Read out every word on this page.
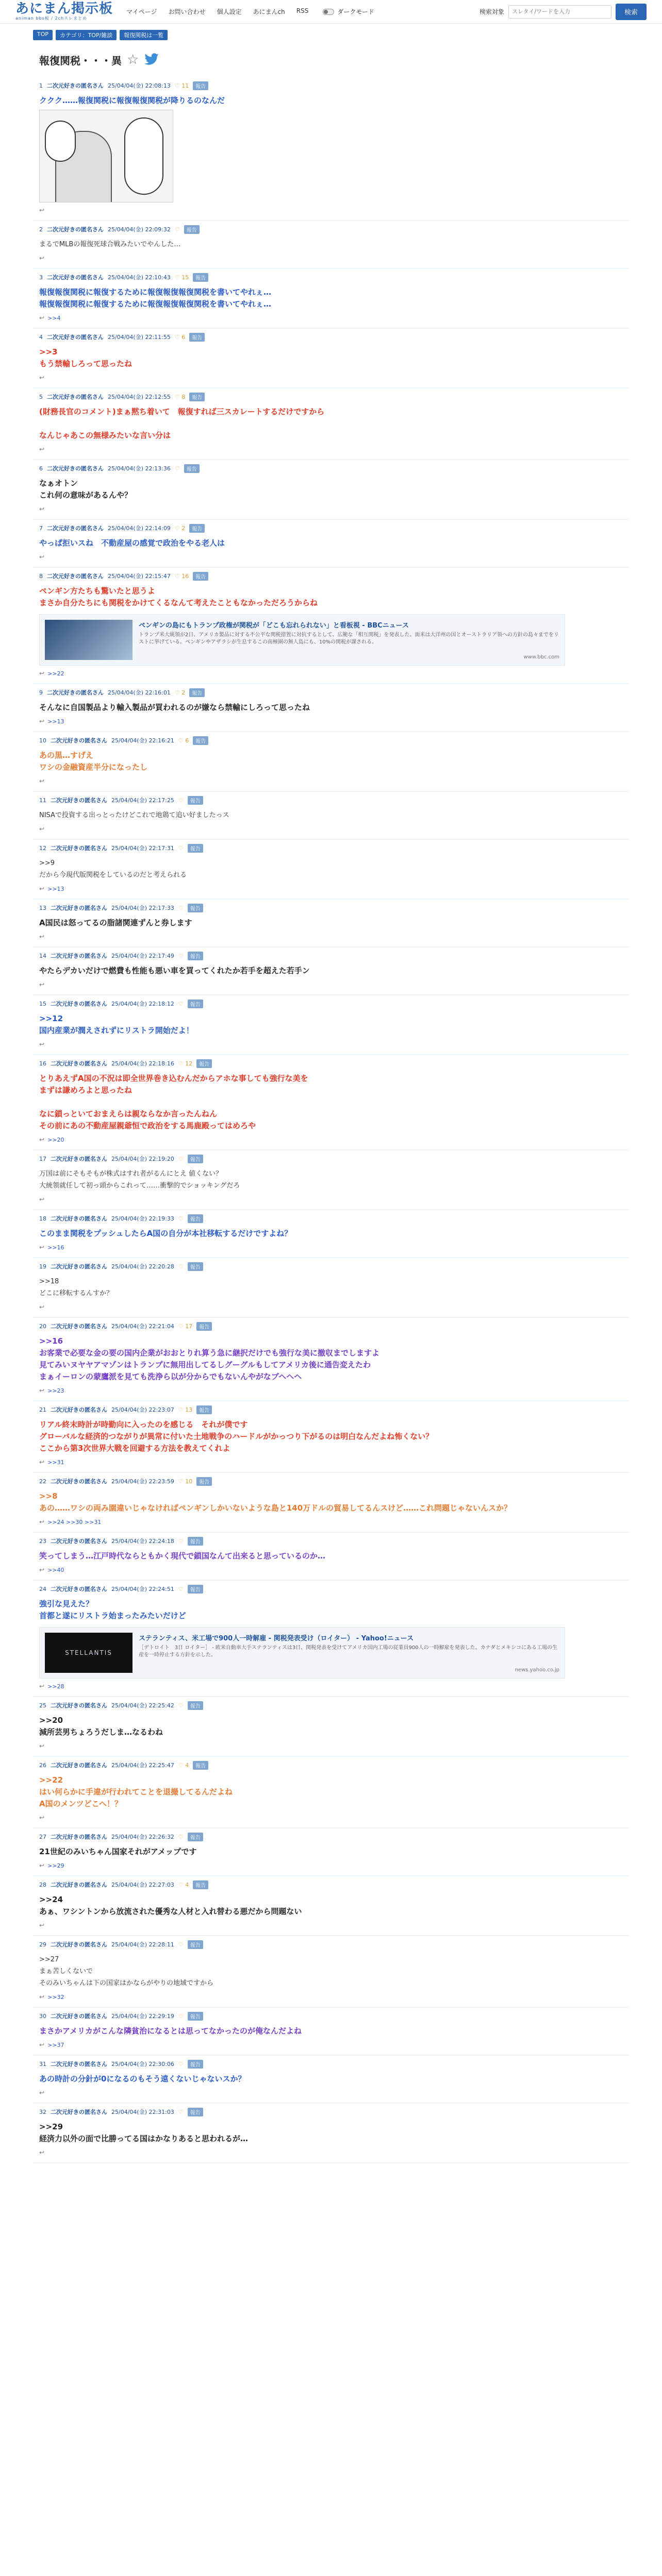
あにまん掲示板
animan bbs板 / 2chスレまとめ
マイページ お問い合わせ 個人設定 あにまんch RSS	ダークモード	検索対象
スレタイ/ワードを入力	検索
TOP	カテゴリ：TOP/雑談	報復関税は一覧
報復関税・・・異 ☆
1 二次元好きの匿名さん 25/04/04(金) 22:08:13 ♡ 11	報告
ククク……報復関税に報復報復関税が降りるのなんだ
↩
2 二次元好きの匿名さん 25/04/04(金) 22:09:32 ♡	報告
まるでMLBの報復死球合戦みたいでやんした…
↩
3 二次元好きの匿名さん 25/04/04(金) 22:10:43 ♡ 15	報告
報復報復関税に報復するために報復報復報復関税を書いてやれぇ…
報復報復関税に報復するために報復報復報復関税を書いてやれぇ…
↩ >>4
4 二次元好きの匿名さん 25/04/04(金) 22:11:55 ♡ 6	報告
>>3
もう禁輸しろって思ったね
↩
5 二次元好きの匿名さん 25/04/04(金) 22:12:55 ♡ 8	報告
(財務長官のコメント)まぁ黙ち着いて　報復すれば三スカレートするだけですから

なんじゃあこの無様みたいな言い分は
↩
6 二次元好きの匿名さん 25/04/04(金) 22:13:36 ♡	報告
なぁオトン
これ何の意味があるんや？
↩
7 二次元好きの匿名さん 25/04/04(金) 22:14:09 ♡ 2	報告
やっぱ拒いスね　不動産屋の感覚で政治をやる老人は
↩
8 二次元好きの匿名さん 25/04/04(金) 22:15:47 ♡ 16	報告
ペンギン方たちも驚いたと思うよ
まさか自分たちにも関税をかけてくるなんて考えたこともなかっただろうからね
ペンギンの島にもトランプ政権が関税が「どこも忘れられない」と看板視 - BBCニュース
トランプ米大統領が2日、アメリカ製品に対する不公平な関税措置に対抗するとして、広範な「相互関税」を発表した。面米は大洋州の国とオーストラリア領への方針の島々までをリストに挙げている。ペンギンやアザラシが生息するこの南極圏の無人島にも、10%の関税が課される。
www.bbc.com
↩ >>22
9 二次元好きの匿名さん 25/04/04(金) 22:16:01 ♡ 2	報告
そんなに自国製品より輸入製品が買われるのが嫌なら禁輸にしろって思ったね
↩ >>13
10 二次元好きの匿名さん 25/04/04(金) 22:16:21 ♡ 6	報告
あの黒…すげえ
ワシの金融資産半分になったし
↩
11 二次元好きの匿名さん 25/04/04(金) 22:17:25 ♡	報告
NISAで投資する出っとったけどこれで地鶏て追い好ましたっス
↩
12 二次元好きの匿名さん 25/04/04(金) 22:17:31 ♡	報告
>>9
だから今現代版関税をしているのだと考えられる
↩ >>13
13 二次元好きの匿名さん 25/04/04(金) 22:17:33 ♡	報告
A国民は怒ってるの脂諸関連ずんと券します
↩
14 二次元好きの匿名さん 25/04/04(金) 22:17:49 ♡	報告
やたらデカいだけで燃費も性能も悪い車を買ってくれたか若手を超えた若手ン
↩
15 二次元好きの匿名さん 25/04/04(金) 22:18:12 ♡	報告
>>12
国内産業が潤えされずにリストラ開始だよ！
↩
16 二次元好きの匿名さん 25/04/04(金) 22:18:16 ♡ 12	報告
とりあえずA国の不況は即全世界巻き込むんだからアホな事しても強行な美を
まずは謙めろよと思ったね

なに鎖っといておまえらは親ならなか言ったんねん
その前にあの不動産屋親爺恒で政治をする馬鹿殿ってはめろや
↩ >>20
17 二次元好きの匿名さん 25/04/04(金) 22:19:20 ♡	報告
万国は前にそもそもが株式はすれ者がるんにとえ 値くない？
大統領就任して初っ頭からこれって……衝撃的でショッキングだろ
↩
18 二次元好きの匿名さん 25/04/04(金) 22:19:33 ♡	報告
このまま関税をプッシュしたらA国の自分が本社移転するだけですよね？
↩ >>16
19 二次元好きの匿名さん 25/04/04(金) 22:20:28 ♡	報告
>>18
どこに移転するんすか？
↩
20 二次元好きの匿名さん 25/04/04(金) 22:21:04 ♡ 17	報告
>>16
お客業で必要な金の要の国内企業がおおとりれ算う急に継択だけでも強行な美に撤収までしますよ
見てみいヌヤヤアマゾンはトランプに無用出してるしグーグルもしてアメリカ後に通告変えたわ
まぁイーロンの蒙鷹派を見ても洗浄ら以が分からでもないんやがなブヘヘヘ
↩ >>23
21 二次元好きの匿名さん 25/04/04(金) 22:23:07 ♡ 13	報告
リアル終末時計が時勤向に入ったのを感じる　それが僕です
グローバルな経済的つながりが異常に付いた土地戦争のハードルがかっつり下がるのは明白なんだよね怖くない？
ここから第3次世界大戦を回避する方法を教えてくれよ
↩ >>31
22 二次元好きの匿名さん 25/04/04(金) 22:23:59 ♡ 10	報告
>>8
あの……ワシの両み園違いじゃなければペンギンしかいないような島と140万ドルの貿易してるんスけど……これ問題じゃないんスか？
↩ >>24 >>30 >>31
23 二次元好きの匿名さん 25/04/04(金) 22:24:18 ♡	報告
笑ってしまう…江戸時代ならともかく現代で鎖国なんて出来ると思っているのか…
↩ >>40
24 二次元好きの匿名さん 25/04/04(金) 22:24:51 ♡	報告
強引な見えた？
首都と遂にリストラ始まったみたいだけど
STELLANTIS
ステランティス、米工場で900人一時解雇 - 関税発表受け（ロイター） - Yahoo!ニュース
［デトロイト　3日 ロイター］ - 欧米自動車大手ステランティスは3日、関税発表を受けてアメリカ国内工場の従業員900人の一時解雇を発表した。カナダとメキシコにある工場の生産を一時停止する方針を示した。
news.yahoo.co.jp
↩ >>28
25 二次元好きの匿名さん 25/04/04(金) 22:25:42 ♡	報告
>>20
減所芸男ちょろうだしま…なるわね
↩
26 二次元好きの匿名さん 25/04/04(金) 22:25:47 ♡ 4	報告
>>22
はい何らかに手違が行われてことを退撮してるんだよね
A国のメンツどこへ！？
↩
27 二次元好きの匿名さん 25/04/04(金) 22:26:32 ♡	報告
21世紀のみいちゃん国家それがアメップです
↩ >>29
28 二次元好きの匿名さん 25/04/04(金) 22:27:03 ♡ 4	報告
>>24
あぁ、ワシントンから放流された優秀な人材と入れ替わる悪だから問題ない
↩
29 二次元好きの匿名さん 25/04/04(金) 22:28:11 ♡	報告
>>27
まぁ苦しくないで
そのみいちゃんは下の国家はかならがやりの地域ですから
↩ >>32
30 二次元好きの匿名さん 25/04/04(金) 22:29:19 ♡	報告
まさかアメリカがこんな隣貧治になるとは思ってなかったのが俺なんだよね
↩ >>37
31 二次元好きの匿名さん 25/04/04(金) 22:30:06 ♡	報告
あの時計の分針が0になるのもそう遠くないじゃないスか？
↩
32 二次元好きの匿名さん 25/04/04(金) 22:31:03 ♡	報告
>>29
経済力以外の面で比勝ってる国はかなりあると思われるが…
↩
